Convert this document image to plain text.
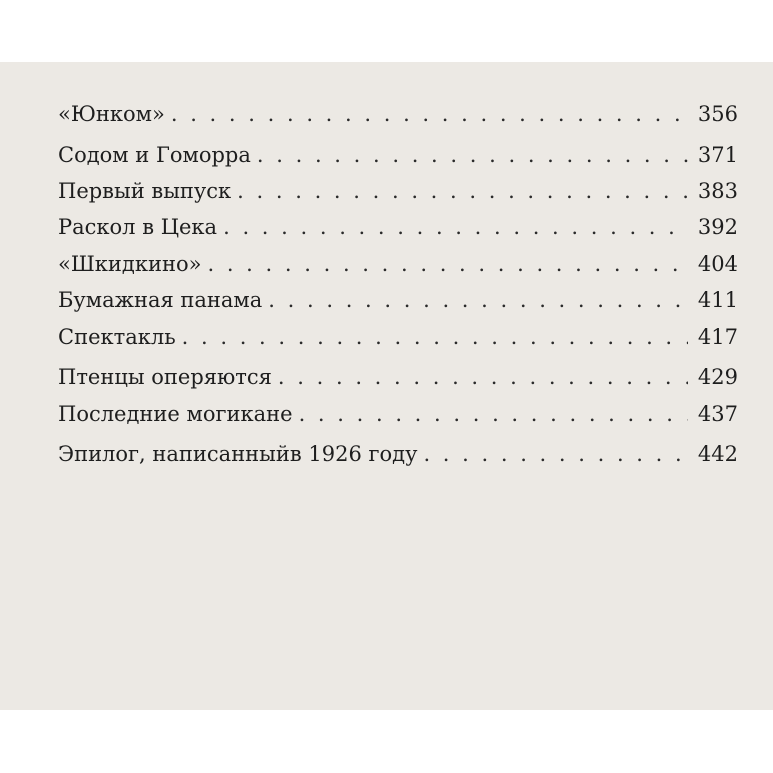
«Юнком» . . .	356
Содом и Гоморра . . .	371
Первый выпуск . . .	383
Раскол в Цека . . .	392
«Шкидкино» . . .	404
Бумажная панама . . .	411
Спектакль . . .	417
Птенцы оперяются . . .	429
Последние могикане . . .	437
Эпилог, написанныйв 1926 году . . .	442
